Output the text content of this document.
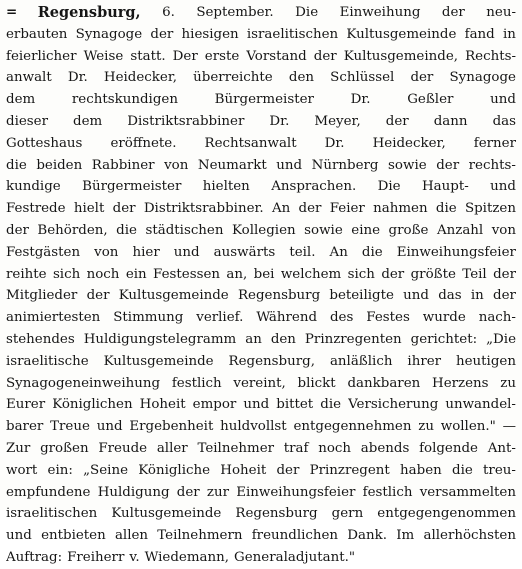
= Regensburg, 6. September. Die Einweihung der neu-
erbauten Synagoge der hiesigen israelitischen Kultusgemeinde fand in
feierlicher Weise statt. Der erste Vorstand der Kultusgemeinde, Rechts-
anwalt Dr. Heidecker, überreichte den Schlüssel der Synagoge
dem	rechtskundigen	Bürgermeister	Dr.	Geßler	und
dieser dem Distriktsrabbiner Dr. Meyer, der dann das
Gotteshaus eröffnete. Rechtsanwalt Dr. Heidecker, ferner
die beiden Rabbiner von Neumarkt und Nürnberg sowie der rechts-
kundige Bürgermeister hielten Ansprachen. Die Haupt- und
Festrede hielt der Distriktsrabbiner. An der Feier nahmen die Spitzen
der Behörden, die städtischen Kollegien sowie eine große Anzahl von
Festgästen von hier und auswärts teil. An die Einweihungsfeier
reihte sich noch ein Festessen an, bei welchem sich der größte Teil der
Mitglieder der Kultusgemeinde Regensburg beteiligte und das in der
animiertesten Stimmung verlief. Während des Festes wurde nach-
stehendes Huldigungstelegramm an den Prinzregenten gerichtet: „Die
israelitische Kultusgemeinde Regensburg, anläßlich ihrer heutigen
Synagogeneinweihung festlich vereint, blickt dankbaren Herzens zu
Eurer Königlichen Hoheit empor und bittet die Versicherung unwandel-
barer Treue und Ergebenheit huldvollst entgegennehmen zu wollen." —
Zur großen Freude aller Teilnehmer traf noch abends folgende Ant-
wort ein: „Seine Königliche Hoheit der Prinzregent haben die treu-
empfundene Huldigung der zur Einweihungsfeier festlich versammelten
israelitischen Kultusgemeinde Regensburg gern entgegengenommen
und entbieten allen Teilnehmern freundlichen Dank. Im allerhöchsten
Auftrag: Freiherr v. Wiedemann, Generaladjutant."
